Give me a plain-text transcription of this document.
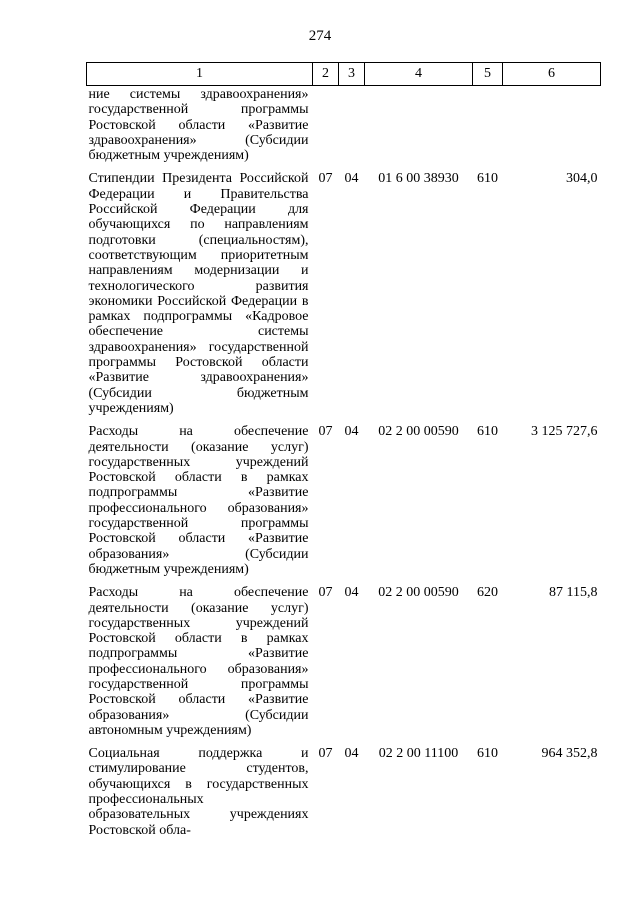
274
1	2	3	4	5	6
ние системы здравоохранения» государственной программы Ростовской области «Развитие здравоохранения» (Субсидии бюджетным учреждениям)					
Стипендии Президента Российской Федерации и Правительства Российской Федерации для обучающихся по направлениям подготовки (специальностям), соответствующим приоритетным направлениям модернизации и технологического развития экономики Российской Федерации в рамках подпрограммы «Кадровое обеспечение системы здравоохранения» государственной программы Ростовской области «Развитие здравоохранения» (Субсидии бюджетным учреждениям)	07	04	01 6 00 38930	610	304,0
Расходы на обеспечение деятельности (оказание услуг) государственных учреждений Ростовской области в рамках подпрограммы «Развитие профессионального образования» государственной программы Ростовской области «Развитие образования» (Субсидии бюджетным учреждениям)	07	04	02 2 00 00590	610	3 125 727,6
Расходы на обеспечение деятельности (оказание услуг) государственных учреждений Ростовской области в рамках подпрограммы «Развитие профессионального образования» государственной программы Ростовской области «Развитие образования» (Субсидии автономным учреждениям)	07	04	02 2 00 00590	620	87 115,8
Социальная поддержка и стимулирование студентов, обучающихся в государственных профессиональных образовательных учреждениях Ростовской обла-	07	04	02 2 00 11100	610	964 352,8
